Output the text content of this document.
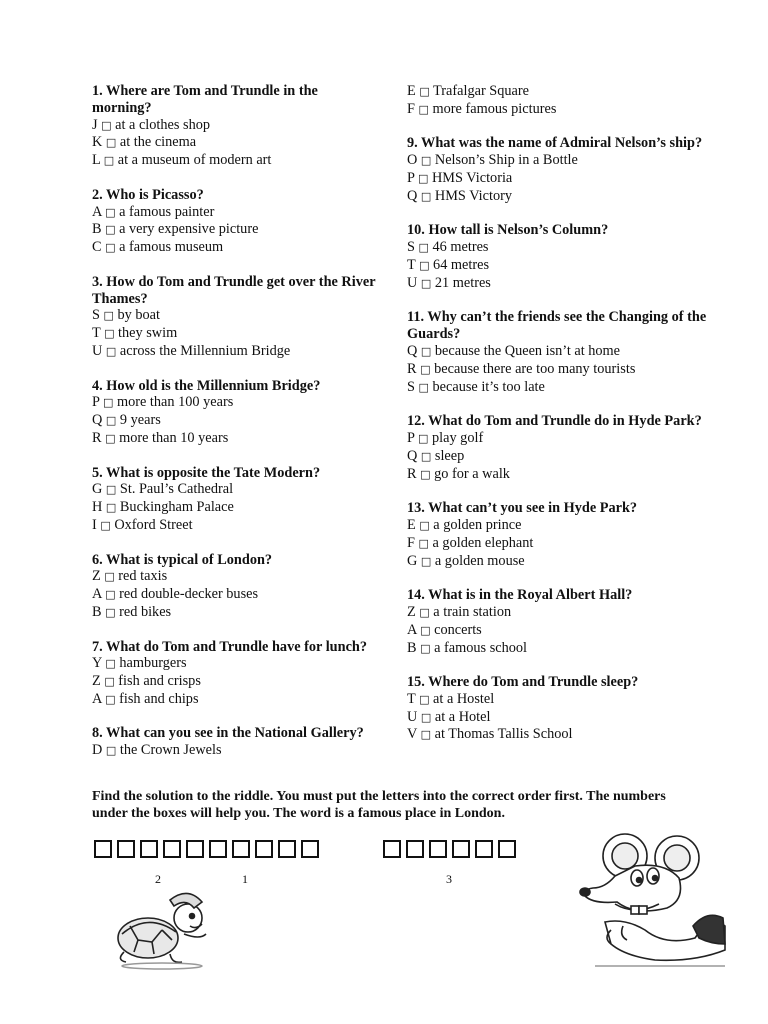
1. Where are Tom and Trundle in the morning?
J □ at a clothes shop
K □ at the cinema
L □ at a museum of modern art
2. Who is Picasso?
A □ a famous painter
B □ a very expensive picture
C □ a famous museum
3. How do Tom and Trundle get over the River Thames?
S □ by boat
T □ they swim
U □ across the Millennium Bridge
4. How old is the Millennium Bridge?
P □ more than 100 years
Q □ 9 years
R □ more than 10 years
5. What is opposite the Tate Modern?
G □ St. Paul’s Cathedral
H □ Buckingham Palace
I □ Oxford Street
6. What is typical of London?
Z □ red taxis
A □ red double-decker buses
B □ red bikes
7. What do Tom and Trundle have for lunch?
Y □ hamburgers
Z □ fish and crisps
A □ fish and chips
8. What can you see in the National Gallery?
D □ the Crown Jewels
E □ Trafalgar Square
F □ more famous pictures
9. What was the name of Admiral Nelson’s ship?
O □ Nelson’s Ship in a Bottle
P □ HMS Victoria
Q □ HMS Victory
10. How tall is Nelson’s Column?
S □ 46 metres
T □ 64 metres
U □ 21 metres
11. Why can’t the friends see the Changing of the Guards?
Q □ because the Queen isn’t at home
R □ because there are too many tourists
S □ because it’s too late
12. What do Tom and Trundle do in Hyde Park?
P □ play golf
Q □ sleep
R □ go for a walk
13. What can’t you see in Hyde Park?
E □ a golden prince
F □ a golden elephant
G □ a golden mouse
14. What is in the Royal Albert Hall?
Z □ a train station
A □ concerts
B □ a famous school
15. Where do Tom and Trundle sleep?
T □ at a Hostel
U □ at a Hotel
V □ at Thomas Tallis School
Find the solution to the riddle. You must put the letters into the correct order first. The numbers under the boxes will help you. The word is a famous place in London.
2	1	3
